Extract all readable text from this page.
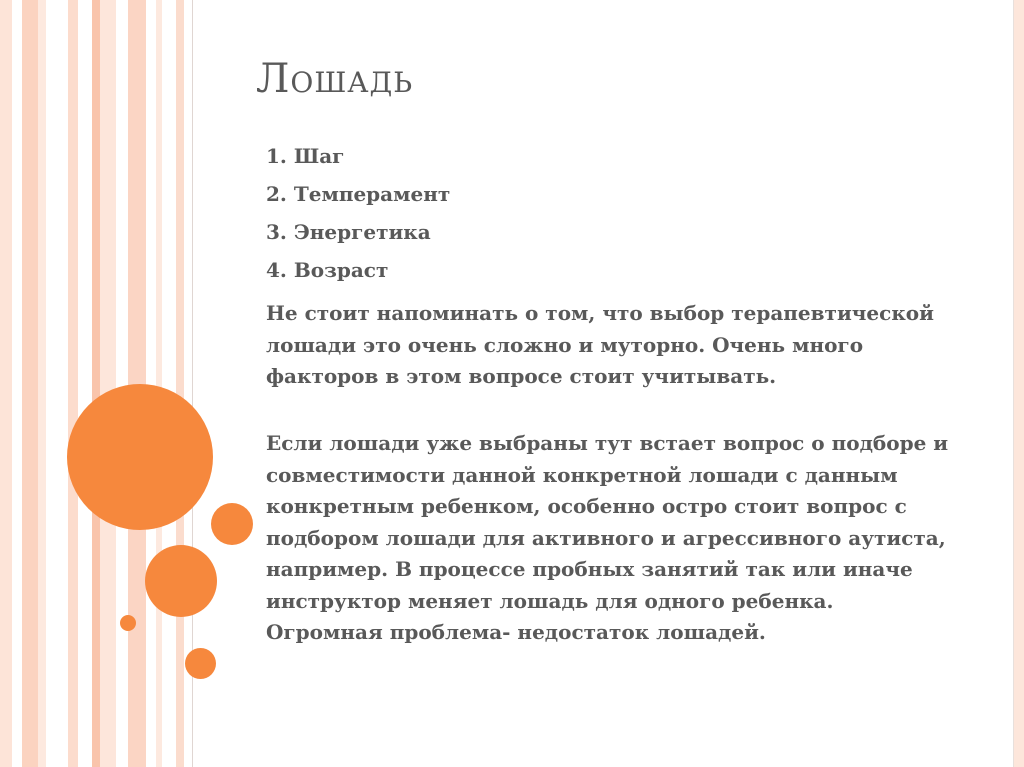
Лошадь
1. Шаг
2. Темперамент
3. Энергетика
4. Возраст

Не стоит напоминать о том, что выбор терапевтической лошади это очень сложно и муторно. Очень много факторов в этом вопросе стоит учитывать.

Если лошади уже выбраны тут встает вопрос о подборе и совместимости данной конкретной лошади с данным конкретным ребенком, особенно остро стоит вопрос с подбором лошади для активного и агрессивного аутиста, например. В процессе пробных занятий так или иначе инструктор меняет лошадь для одного ребенка. Огромная проблема- недостаток лошадей.
